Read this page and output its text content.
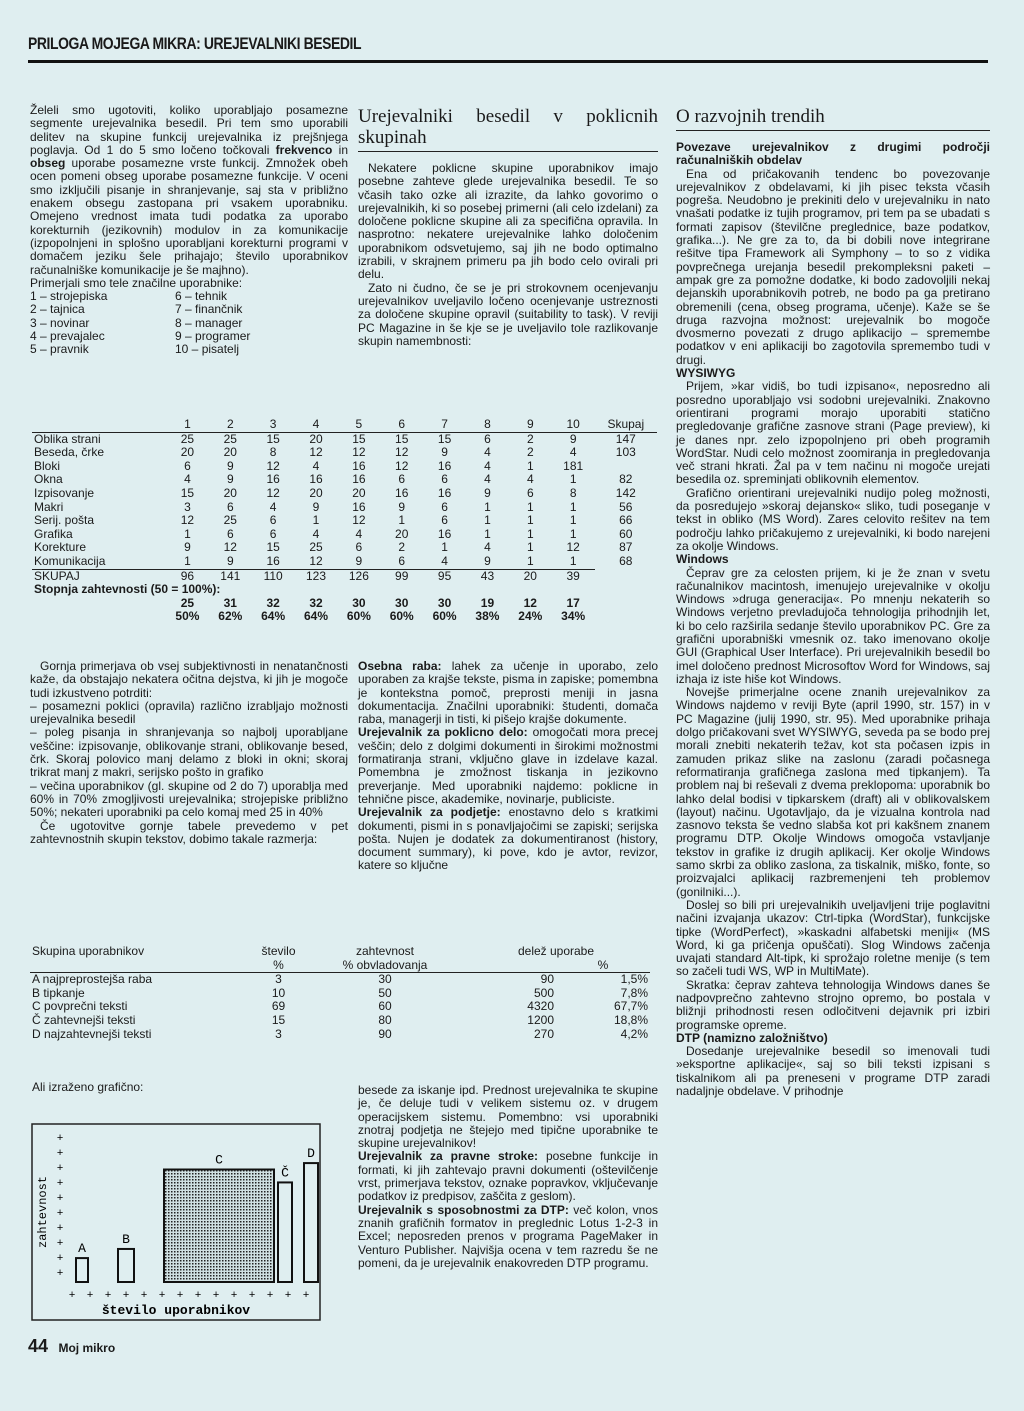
PRILOGA MOJEGA MIKRA: UREJEVALNIKI BESEDIL

Želeli smo ugotoviti, koliko uporabljajo posamezne segmente urejevalnika besedil. Pri tem smo uporabili delitev na skupine funkcij urejevalnika iz prejšnjega poglavja. Od 1 do 5 smo ločeno točkovali frekvenco in obseg uporabe posamezne vrste funkcij. Zmnožek obeh ocen pomeni obseg uporabe posamezne funkcije. V oceni smo izključili pisanje in shranjevanje, saj sta v približno enakem obsegu zastopana pri vsakem uporabniku. Omejeno vrednost imata tudi podatka za uporabo korekturnih (jezikovnih) modulov in za komunikacije (izpopolnjeni in splošno uporabljani korekturni programi v domačem jeziku šele prihajajo; število uporabnikov računalniške komunikacije je še majhno).

Primerjali smo tele značilne uporabnike:

1 – strojepiska	6 – tehnik
2 – tajnica	7 – finančnik
3 – novinar	8 – manager
4 – prevajalec	9 – programer
5 – pravnik	10 – pisatelj
Urejevalniki besedil v poklicnih skupinah

Nekatere poklicne skupine uporabnikov imajo posebne zahteve glede urejevalnika besedil. Te so včasih tako ozke ali izrazite, da lahko govorimo o urejevalnikih, ki so posebej primerni (ali celo izdelani) za določene poklicne skupine ali za specifična opravila. In nasprotno: nekatere urejevalnike lahko določenim uporabnikom odsvetujemo, saj jih ne bodo optimalno izrabili, v skrajnem primeru pa jih bodo celo ovirali pri delu.

Zato ni čudno, če se je pri strokovnem ocenjevanju urejevalnikov uveljavilo ločeno ocenjevanje ustreznosti za določene skupine opravil (suitability to task). V reviji PC Magazine in še kje se je uveljavilo tole razlikovanje skupin namembnosti:

	1	2	3	4	5	6	7	8	9	10	Skupaj
Oblika strani	25	25	15	20	15	15	15	6	2	9	147
Beseda, črke	20	20	8	12	12	12	9	4	2	4	103
Bloki	6	9	12	4	16	12	16	4	1	181	
Okna	4	9	16	16	16	6	6	4	4	1	82
Izpisovanje	15	20	12	20	20	16	16	9	6	8	142
Makri	3	6	4	9	16	9	6	1	1	1	56
Serij. pošta	12	25	6	1	12	1	6	1	1	1	66
Grafika	1	6	6	4	4	20	16	1	1	1	60
Korekture	9	12	15	25	6	2	1	4	1	12	87
Komunikacija	1	9	16	12	9	6	4	9	1	1	68
SKUPAJ	96	141	110	123	126	99	95	43	20	39	
Stopnja zahtevnosti (50 = 100%):											
	25	31	32	32	30	30	30	19	12	17	
	50%	62%	64%	64%	60%	60%	60%	38%	24%	34%	

Gornja primerjava ob vsej subjektivnosti in nenatančnosti kaže, da obstajajo nekatera očitna dejstva, ki jih je mogoče tudi izkustveno potrditi:

– posamezni poklici (opravila) različno izrabljajo možnosti urejevalnika besedil

– poleg pisanja in shranjevanja so najbolj uporabljane veščine: izpisovanje, oblikovanje strani, oblikovanje besed, črk. Skoraj polovico manj delamo z bloki in okni; skoraj trikrat manj z makri, serijsko pošto in grafiko

– večina uporabnikov (gl. skupine od 2 do 7) uporablja med 60% in 70% zmogljivosti urejevalnika; strojepiske približno 50%; nekateri uporabniki pa celo komaj med 25 in 40%

Če ugotovitve gornje tabele prevedemo v pet zahtevnostnih skupin tekstov, dobimo takale razmerja:

Osebna raba: lahek za učenje in uporabo, zelo uporaben za krajše tekste, pisma in zapiske; pomembna je kontekstna pomoč, preprosti meniji in jasna dokumentacija. Značilni uporabniki: študenti, domača raba, managerji in tisti, ki pišejo krajše dokumente.

Urejevalnik za poklicno delo: omogočati mora precej veščin; delo z dolgimi dokumenti in širokimi možnostmi formatiranja strani, vključno glave in izdelave kazal. Pomembna je zmožnost tiskanja in jezikovno preverjanje. Med uporabniki najdemo: poklicne in tehnične pisce, akademike, novinarje, publiciste.

Urejevalnik za podjetje: enostavno delo s kratkimi dokumenti, pismi in s ponavljajočimi se zapiski; serijska pošta. Nujen je dodatek za dokumentiranost (history, document summary), ki pove, kdo je avtor, revizor, katere so ključne

Skupina uporabnikov	število	zahtevnost	delež uporabe	
	%	% obvladovanja		%
A najpreprostejša raba	3	30	90	1,5%
B tipkanje	10	50	500	7,8%
C povprečni teksti	69	60	4320	67,7%
Č zahtevnejši teksti	15	80	1200	18,8%
D najzahtevnejši teksti	3	90	270	4,2%

besede za iskanje ipd. Prednost urejevalnika te skupine je, če deluje tudi v velikem sistemu oz. v drugem operacijskem sistemu. Pomembno: vsi uporabniki znotraj podjetja ne štejejo med tipične uporabnike te skupine urejevalnikov!

Urejevalnik za pravne stroke: posebne funkcije in formati, ki jih zahtevajo pravni dokumenti (oštevilčenje vrst, primerjava tekstov, oznake popravkov, vključevanje podatkov iz predpisov, zaščita z geslom).

Urejevalnik s sposobnostmi za DTP: več kolon, vnos znanih grafičnih formatov in preglednic Lotus 1-2-3 in Excel; neposreden prenos v programa PageMaker in Venturo Publisher. Najvišja ocena v tem razredu še ne pomeni, da je urejevalnik enakovreden DTP programu.

Ali izraženo grafično:
+
+
+
+
+
+
+
+
+
+
+ + + + + + + + + + + + + +
zahtevnost
A
B
C
Č
D
število uporabnikov
O razvojnih trendih

Povezave urejevalnikov z drugimi področji računalniških obdelav

Ena od pričakovanih tendenc bo povezovanje urejevalnikov z obdelavami, ki jih pisec teksta včasih pogreša. Neudobno je prekiniti delo v urejevalniku in nato vnašati podatke iz tujih programov, pri tem pa se ubadati s formati zapisov (številčne preglednice, baze podatkov, grafika...). Ne gre za to, da bi dobili nove integrirane rešitve tipa Framework ali Symphony – to so z vidika povprečnega urejanja besedil prekompleksni paketi – ampak gre za pomožne dodatke, ki bodo zadovoljili nekaj dejanskih uporabnikovih potreb, ne bodo pa ga pretirano obremenili (cena, obseg programa, učenje). Kaže se še druga razvojna možnost: urejevalnik bo mogoče dvosmerno povezati z drugo aplikacijo – spremembe podatkov v eni aplikaciji bo zagotovila spremembo tudi v drugi.

WYSIWYG

Prijem, »kar vidiš, bo tudi izpisano«, neposredno ali posredno uporabljajo vsi sodobni urejevalniki. Znakovno orientirani programi morajo uporabiti statično pregledovanje grafične zasnove strani (Page preview), ki je danes npr. zelo izpopolnjeno pri obeh programih WordStar. Nudi celo možnost zoomiranja in pregledovanja več strani hkrati. Žal pa v tem načinu ni mogoče urejati besedila oz. spreminjati oblikovnih elementov.

Grafično orientirani urejevalniki nudijo poleg možnosti, da posredujejo »skoraj dejansko« sliko, tudi poseganje v tekst in obliko (MS Word). Zares celovito rešitev na tem področju lahko pričakujemo z urejevalniki, ki bodo narejeni za okolje Windows.

Windows

Čeprav gre za celosten prijem, ki je že znan v svetu računalnikov macintosh, imenujejo urejevalnike v okolju Windows »druga generacija«. Po mnenju nekaterih so Windows verjetno prevladujoča tehnologija prihodnjih let, ki bo celo razširila sedanje število uporabnikov PC. Gre za grafični uporabniški vmesnik oz. tako imenovano okolje GUI (Graphical User Interface). Pri urejevalnikih besedil bo imel določeno prednost Microsoftov Word for Windows, saj izhaja iz iste hiše kot Windows.

Novejše primerjalne ocene znanih urejevalnikov za Windows najdemo v reviji Byte (april 1990, str. 157) in v PC Magazine (julij 1990, str. 95). Med uporabnike prihaja dolgo pričakovani svet WYSIWYG, seveda pa se bodo prej morali znebiti nekaterih težav, kot sta počasen izpis in zamuden prikaz slike na zaslonu (zaradi počasnega reformatiranja grafičnega zaslona med tipkanjem). Ta problem naj bi reševali z dvema preklopoma: uporabnik bo lahko delal bodisi v tipkarskem (draft) ali v oblikovalskem (layout) načinu. Ugotavljajo, da je vizualna kontrola nad zasnovo teksta še vedno slabša kot pri kakšnem znanem programu DTP. Okolje Windows omogoča vstavljanje tekstov in grafike iz drugih aplikacij. Ker okolje Windows samo skrbi za obliko zaslona, za tiskalnik, miško, fonte, so proizvajalci aplikacij razbremenjeni teh problemov (gonilniki...).

Doslej so bili pri urejevalnikih uveljavljeni trije poglavitni načini izvajanja ukazov: Ctrl-tipka (WordStar), funkcijske tipke (WordPerfect), »kaskadni alfabetski meniji« (MS Word, ki ga pričenja opuščati). Slog Windows začenja uvajati standard Alt-tipk, ki sprožajo roletne menije (s tem so začeli tudi WS, WP in MultiMate).

Skratka: čeprav zahteva tehnologija Windows danes še nadpovprečno zahtevno strojno opremo, bo postala v bližnji prihodnosti resen odločitveni dejavnik pri izbiri programske opreme.

DTP (namizno založništvo)

Dosedanje urejevalnike besedil so imenovali tudi »eksportne aplikacije«, saj so bili teksti izpisani s tiskalnikom ali pa preneseni v programe DTP zaradi nadaljnje obdelave. V prihodnje

44 Moj mikro
